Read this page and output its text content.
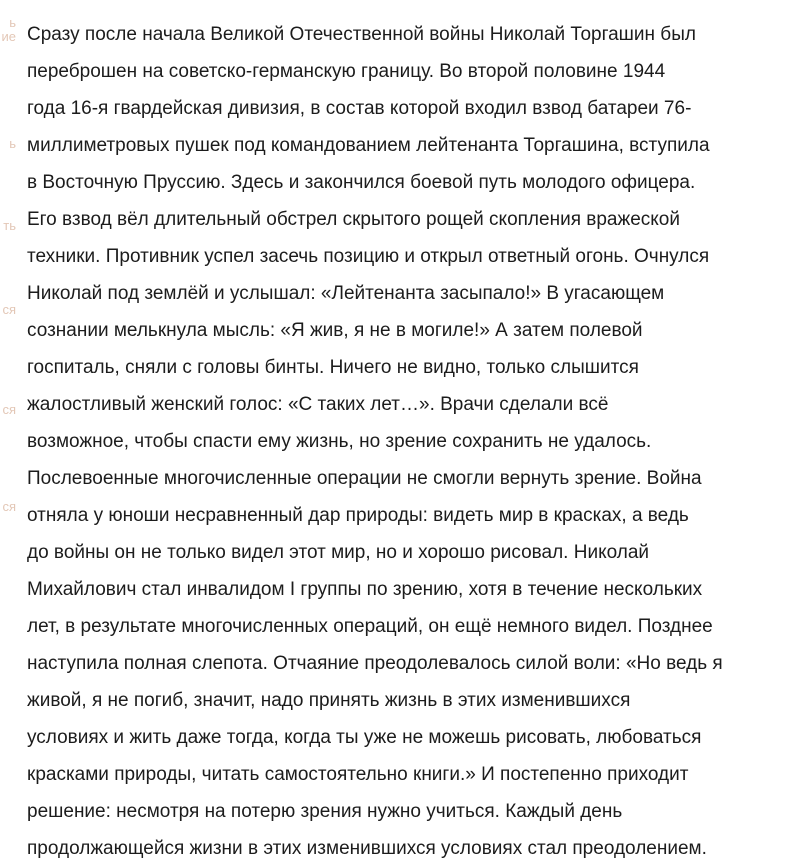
ь
ие
ь
ть
ся
ся
ся
Сразу после начала Великой Отечественной войны Николай Торгашин был
переброшен на советско-германскую границу. Во второй половине 1944
года 16-я гвардейская дивизия, в состав которой входил взвод батареи 76-
миллиметровых пушек под командованием лейтенанта Торгашина, вступила
в Восточную Пруссию. Здесь и закончился боевой путь молодого офицера.
Его взвод вёл длительный обстрел скрытого рощей скопления вражеской
техники. Противник успел засечь позицию и открыл ответный огонь. Очнулся
Николай под землёй и услышал: «Лейтенанта засыпало!» В угасающем
сознании мелькнула мысль: «Я жив, я не в могиле!» А затем полевой
госпиталь, сняли с головы бинты. Ничего не видно, только слышится
жалостливый женский голос: «С таких лет…». Врачи сделали всё
возможное, чтобы спасти ему жизнь, но зрение сохранить не удалось.
Послевоенные многочисленные операции не смогли вернуть зрение. Война
отняла у юноши несравненный дар природы: видеть мир в красках, а ведь
до войны он не только видел этот мир, но и хорошо рисовал. Николай
Михайлович стал инвалидом I группы по зрению, хотя в течение нескольких
лет, в результате многочисленных операций, он ещё немного видел. Позднее
наступила полная слепота. Отчаяние преодолевалось силой воли: «Но ведь я
живой, я не погиб, значит, надо принять жизнь в этих изменившихся
условиях и жить даже тогда, когда ты уже не можешь рисовать, любоваться
красками природы, читать самостоятельно книги.» И постепенно приходит
решение: несмотря на потерю зрения нужно учиться. Каждый день
продолжающейся жизни в этих изменившихся условиях стал преодолением.
